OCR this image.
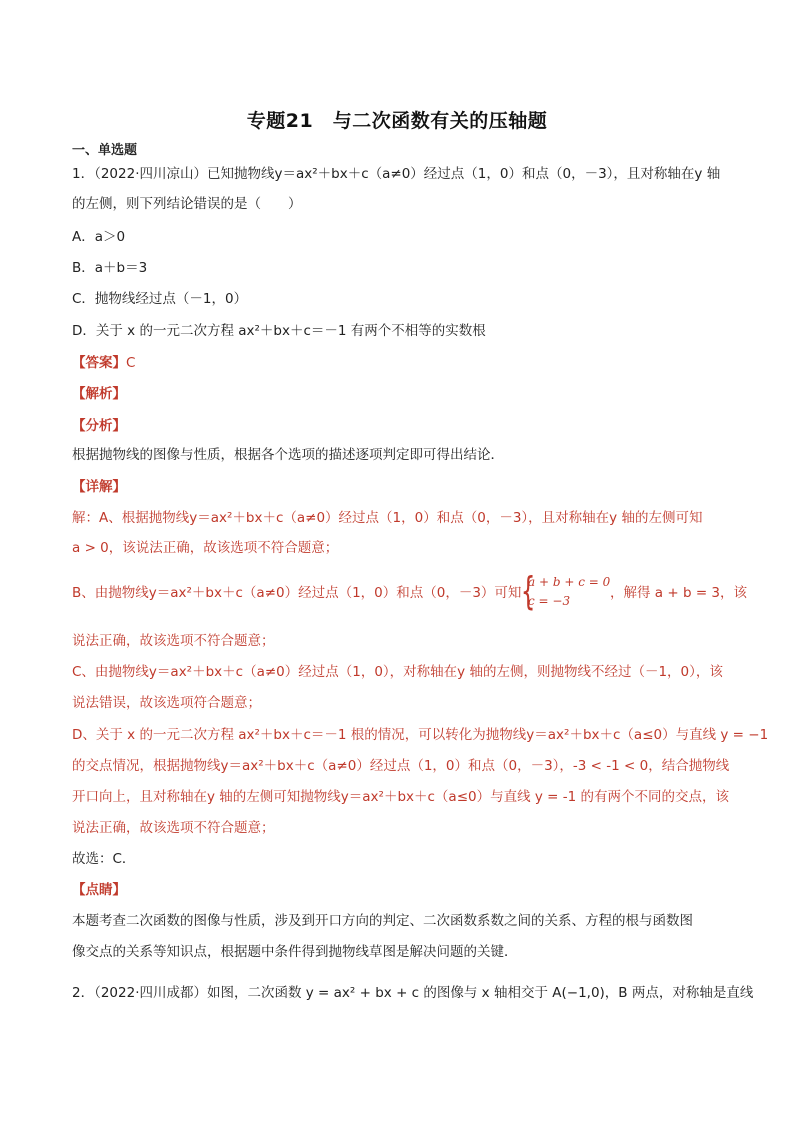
专题21　与二次函数有关的压轴题
一、单选题
1．（2022·四川凉山）已知抛物线y＝ax²＋bx＋c（a≠0）经过点（1，0）和点（0，－3），且对称轴在y 轴
的左侧，则下列结论错误的是（　　）
A．a＞0
B．a＋b＝3
C．抛物线经过点（－1，0）
D．关于 x 的一元二次方程 ax²＋bx＋c＝－1 有两个不相等的实数根
【答案】C
【解析】
【分析】
根据抛物线的图像与性质，根据各个选项的描述逐项判定即可得出结论．
【详解】
解：A、根据抛物线y＝ax²＋bx＋c（a≠0）经过点（1，0）和点（0，－3），且对称轴在y 轴的左侧可知
a > 0，该说法正确，故该选项不符合题意；
B、由抛物线y＝ax²＋bx＋c（a≠0）经过点（1，0）和点（0，－3）可知 {
a + b + c = 0
c = −3	，解得 a + b = 3，该
说法正确，故该选项不符合题意；
C、由抛物线y＝ax²＋bx＋c（a≠0）经过点（1，0），对称轴在y 轴的左侧，则抛物线不经过（－1，0），该
说法错误，故该选项符合题意；
D、关于 x 的一元二次方程 ax²＋bx＋c＝－1 根的情况，可以转化为抛物线y＝ax²＋bx＋c（a≤0）与直线 y = −1
的交点情况，根据抛物线y＝ax²＋bx＋c（a≠0）经过点（1，0）和点（0，－3），-3 < -1 < 0，结合抛物线
开口向上，且对称轴在y 轴的左侧可知抛物线y＝ax²＋bx＋c（a≤0）与直线 y = -1 的有两个不同的交点，该
说法正确，故该选项不符合题意；
故选：C．
【点睛】
本题考查二次函数的图像与性质，涉及到开口方向的判定、二次函数系数之间的关系、方程的根与函数图
像交点的关系等知识点，根据题中条件得到抛物线草图是解决问题的关键．
2．（2022·四川成都）如图，二次函数 y = ax² + bx + c 的图像与 x 轴相交于 A(−1,0)，B 两点，对称轴是直线
